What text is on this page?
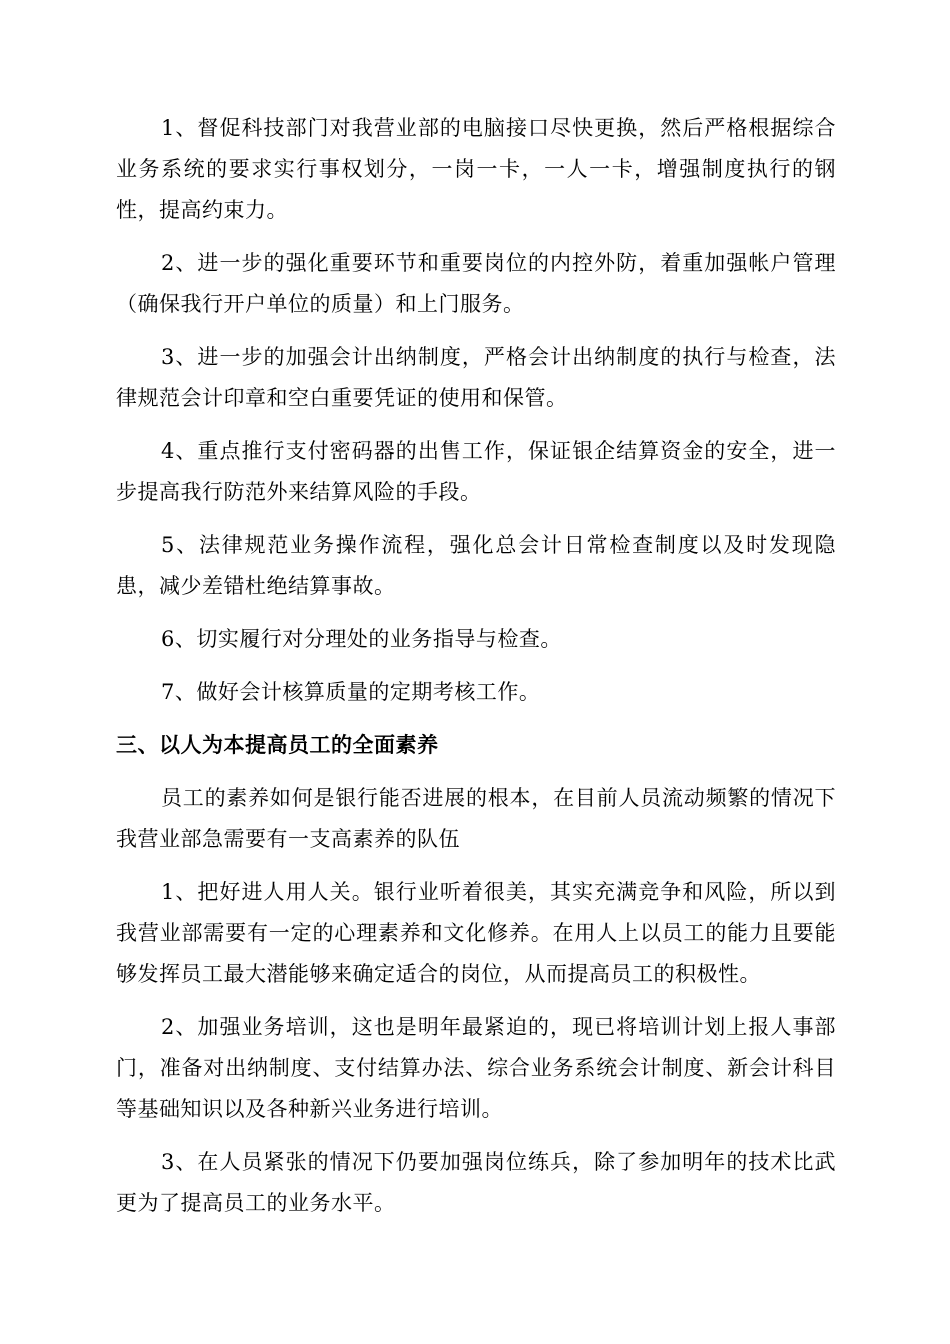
1、督促科技部门对我营业部的电脑接口尽快更换，然后严格根据综合业务系统的要求实行事权划分，一岗一卡，一人一卡，增强制度执行的钢性，提高约束力。

2、进一步的强化重要环节和重要岗位的内控外防，着重加强帐户管理（确保我行开户单位的质量）和上门服务。

3、进一步的加强会计出纳制度，严格会计出纳制度的执行与检查，法律规范会计印章和空白重要凭证的使用和保管。

4、重点推行支付密码器的出售工作，保证银企结算资金的安全，进一步提高我行防范外来结算风险的手段。

5、法律规范业务操作流程，强化总会计日常检查制度以及时发现隐患，减少差错杜绝结算事故。

6、切实履行对分理处的业务指导与检查。

7、做好会计核算质量的定期考核工作。

三、以人为本提高员工的全面素养

员工的素养如何是银行能否进展的根本，在目前人员流动频繁的情况下我营业部急需要有一支高素养的队伍

1、把好进人用人关。银行业听着很美，其实充满竞争和风险，所以到我营业部需要有一定的心理素养和文化修养。在用人上以员工的能力且要能够发挥员工最大潜能够来确定适合的岗位，从而提高员工的积极性。

2、加强业务培训，这也是明年最紧迫的，现已将培训计划上报人事部门，准备对出纳制度、支付结算办法、综合业务系统会计制度、新会计科目等基础知识以及各种新兴业务进行培训。

3、在人员紧张的情况下仍要加强岗位练兵，除了参加明年的技术比武更为了提高员工的业务水平。
